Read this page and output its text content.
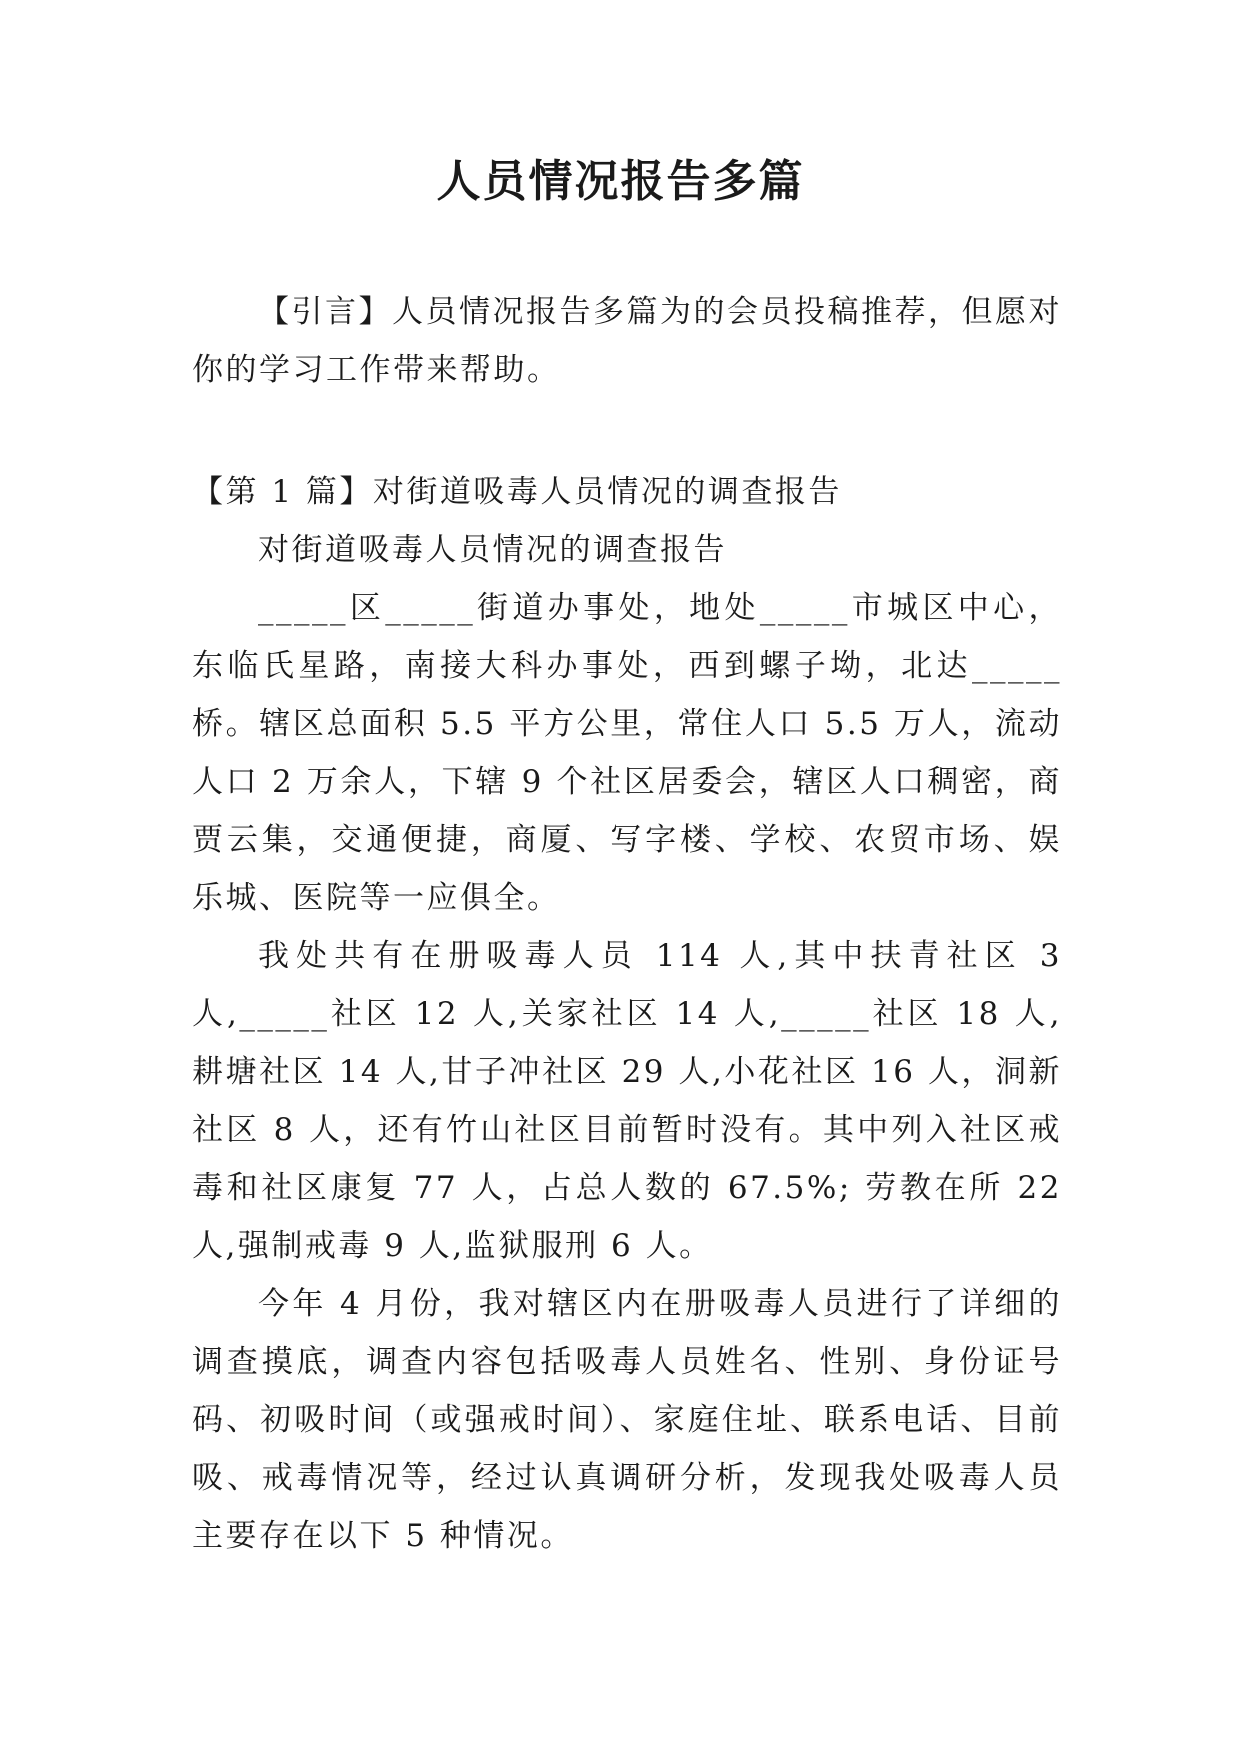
人员情况报告多篇

【引言】人员情况报告多篇为的会员投稿推荐，但愿对你的学习工作带来帮助。

【第 1 篇】对街道吸毒人员情况的调查报告

对街道吸毒人员情况的调查报告

_____区_____街道办事处，地处_____市城区中心，东临氏星路，南接大科办事处，西到螺子坳，北达_____桥。辖区总面积 5.5 平方公里，常住人口 5.5 万人，流动人口 2 万余人，下辖 9 个社区居委会，辖区人口稠密，商贾云集，交通便捷，商厦、写字楼、学校、农贸市场、娱乐城、医院等一应俱全。

我处共有在册吸毒人员 114 人,其中扶青社区 3 人,_____社区 12 人,关家社区 14 人,_____社区 18 人,耕塘社区 14 人,甘子冲社区 29 人,小花社区 16 人，洞新社区 8 人，还有竹山社区目前暂时没有。其中列入社区戒毒和社区康复 77 人，占总人数的 67.5%; 劳教在所 22 人,强制戒毒 9 人,监狱服刑 6 人。

今年 4 月份，我对辖区内在册吸毒人员进行了详细的调查摸底，调查内容包括吸毒人员姓名、性别、身份证号码、初吸时间（或强戒时间）、家庭住址、联系电话、目前吸、戒毒情况等，经过认真调研分析，发现我处吸毒人员主要存在以下 5 种情况。
